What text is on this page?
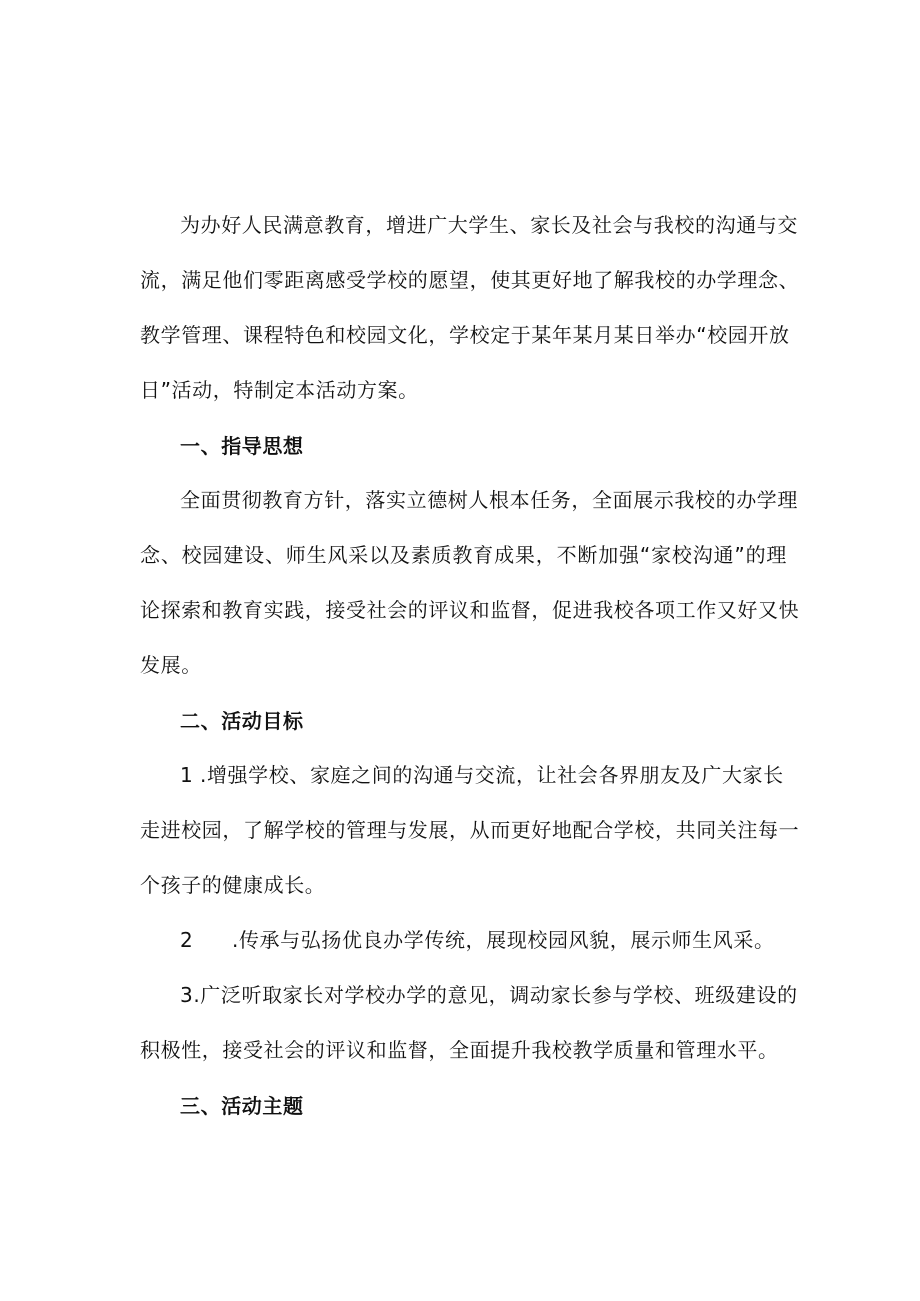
为办好人民满意教育，增进广大学生、家长及社会与我校的沟通与交
流，满足他们零距离感受学校的愿望，使其更好地了解我校的办学理念、
教学管理、课程特色和校园文化，学校定于某年某月某日举办“校园开放
日”活动，特制定本活动方案。
一、指导思想
全面贯彻教育方针，落实立德树人根本任务，全面展示我校的办学理
念、校园建设、师生风采以及素质教育成果，不断加强“家校沟通”的理
论探索和教育实践，接受社会的评议和监督，促进我校各项工作又好又快
发展。
二、活动目标
1 .增强学校、家庭之间的沟通与交流，让社会各界朋友及广大家长
走进校园，了解学校的管理与发展，从而更好地配合学校，共同关注每一
个孩子的健康成长。
2 .传承与弘扬优良办学传统，展现校园风貌，展示师生风采。
3.广泛听取家长对学校办学的意见，调动家长参与学校、班级建设的
积极性，接受社会的评议和监督，全面提升我校教学质量和管理水平。
三、活动主题
